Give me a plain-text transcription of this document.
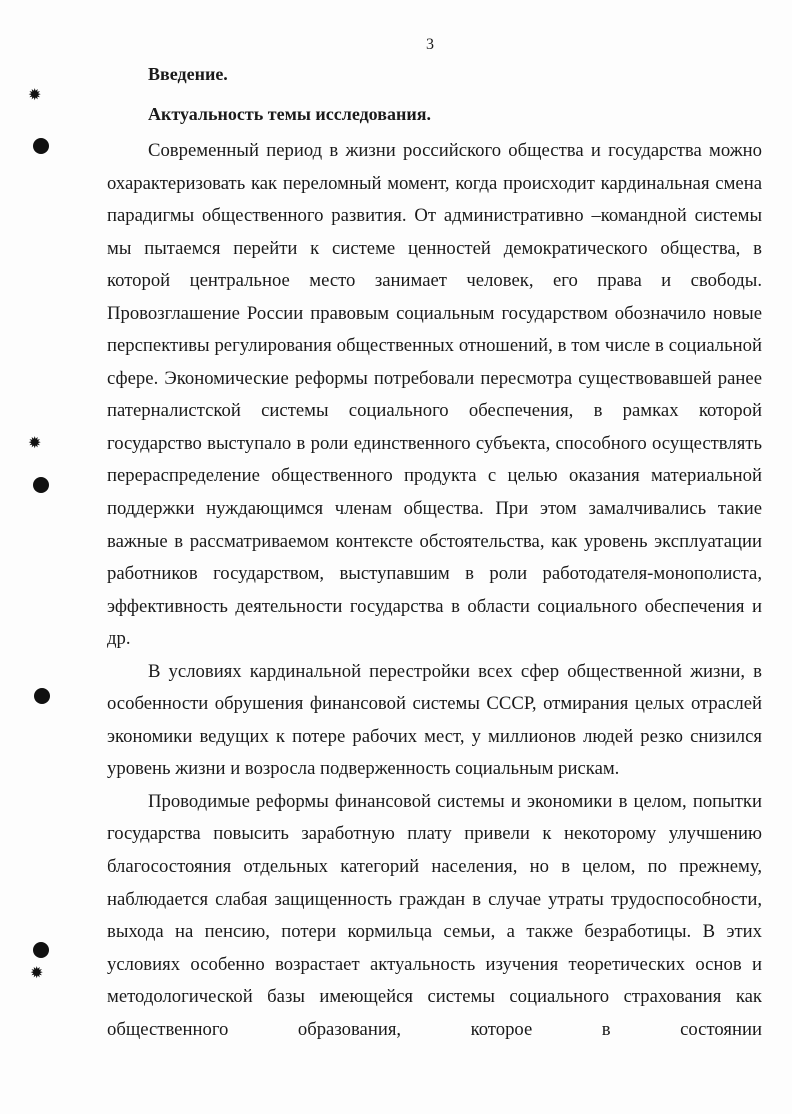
3
Введение.
Актуальность темы исследования.

Современный период в жизни российского общества и государства можно охарактеризовать как переломный момент, когда происходит кардинальная смена парадигмы общественного развития. От административно –командной системы мы пытаемся перейти к системе ценностей демократического общества, в которой центральное место занимает человек, его права и свободы. Провозглашение России правовым социальным государством обозначило новые перспективы регулирования общественных отношений, в том числе в социальной сфере. Экономические реформы потребовали пересмотра существовавшей ранее патерналистской системы социального обеспечения, в рамках которой государство выступало в роли единственного субъекта, способного осуществлять перераспределение общественного продукта с целью оказания материальной поддержки нуждающимся членам общества. При этом замалчивались такие важные в рассматриваемом контексте обстоятельства, как уровень эксплуатации работников государством, выступавшим в роли работодателя-монополиста, эффективность деятельности государства в области социального обеспечения и др.

В условиях кардинальной перестройки всех сфер общественной жизни, в особенности обрушения финансовой системы СССР, отмирания целых отраслей экономики ведущих к потере рабочих мест, у миллионов людей резко снизился уровень жизни и возросла подверженность социальным рискам.

Проводимые реформы финансовой системы и экономики в целом, попытки государства повысить заработную плату привели к некоторому улучшению благосостояния отдельных категорий населения, но в целом, по прежнему, наблюдается слабая защищенность граждан в случае утраты трудоспособности, выхода на пенсию, потери кормильца семьи, а также безработицы. В этих условиях особенно возрастает актуальность изучения теоретических основ и методологической базы имеющейся системы социального страхования как общественного образования, которое в состоянии

✹
✹
✹
